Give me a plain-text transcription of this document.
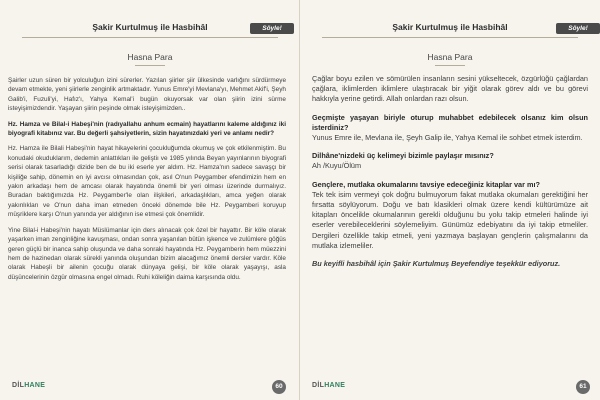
Şakir Kurtulmuş ile Hasbihâl	Söyle!
Hasna Para

Şairler uzun süren bir yolculuğun izini sürerler. Yazılan şiirler şiir ülkesinde varlığını sürdürmeye devam etmekte, yeni şiirlerle zenginlik artmaktadır. Yunus Emre'yi Mevlana'yı, Mehmet Akif'i, Şeyh Galib'i, Fuzuli'yi, Hafız'ı, Yahya Kemal'i bugün okuyorsak var olan şiirin izini sürme isteyişimizdendir. Yaşayan şiirin peşinde olmak isteyişimizden..

Hz. Hamza ve Bilal-i Habeşi'nin (radıyallahu anhum ecmain) hayatlarını kaleme aldığınız iki biyografi kitabınız var. Bu değerli şahsiyetlerin, sizin hayatınızdaki yeri ve anlamı nedir?

Hz. Hamza ile Bilali Habeşi'nin hayat hikayelerini çocukluğumda okumuş ve çok etkilenmiştim. Bu konudaki okuduklarım, dedemin anlattıkları ile geliştiı ve 1985 yılında Beyan yayınlarının biyografi serisi olarak tasarladığı dizide ben de bu iki eserle yer aldım. Hz. Hamza'nın sadece savaşçı bir kişiliğe sahip, dönemin en iyi avcısı olmasından çok, asıl O'nun Peygamber efendimizin hem en yakın arkadaşı hem de amcası olarak hayatında önemli bir yeri olması üzerinde durmalıyız. Buradan baktığımızda Hz. Peygamber'le olan ilişkileri, arkadaşlıkları, amca yeğen olarak yakınlıkları ve O'nun daha iman etmeden önceki dönemde bile Hz. Peygamberi koruyup müşriklere karşı O'nun yanında yer aldığının ise etmesi çok önemlidir.

Yine Bilal-i Habeşi'nin hayatı Müslümanlar için ders alınacak çok özel bir hayattır. Bir köle olarak yaşarken iman zenginliğine kavuşması, ondan sonra yaşanılan bütün işkence ve zulümlere göğüs geren güçlü bir inanca sahip oluşunda ve daha sonraki hayatında Hz. Peygamberin hem müezzini hem de hazinedarı olarak sürekli yanında oluşundan bizim alacağımız önemli dersler vardır. Köle olarak Habeşli bir ailenin çocuğu olarak dünyaya gelişi, bir köle olarak yaşayışı, asla düşüncelerinin özgür olmasına engel olmadı. Ruhi köleliğin daima karşısında oldu.

DİLHANE	60
Şakir Kurtulmuş ile Hasbihâl	Söyle!
Hasna Para

Çağlar boyu ezilen ve sömürülen insanların sesini yükseltecek, özgürlüğü çağlardan çağlara, iklimlerden iklimlere ulaştıracak bir yiğit olarak görev aldı ve bu görevi hakkıyla yerine getirdi. Allah onlardan razı olsun.

Geçmişte yaşayan biriyle oturup muhabbet edebilecek olsanız kim olsun isterdiniz?

Yunus Emre ile, Mevlana ile, Şeyh Galip ile, Yahya Kemal ile sohbet etmek isterdim.

Dilhâne'nizdeki üç kelimeyi bizimle paylaşır mısınız?

Ah /Kuyu/Ölüm

Gençlere, mutlaka okumalarını tavsiye edeceğiniz kitaplar var mı?

Tek tek isim vermeyi çok doğru bulmuyorum fakat mutlaka okumaları gerektiğini her fırsatta söylüyorum. Doğu ve batı klasikleri olmak üzere kendi kültürümüze ait kitapları öncelikle okumalarının gerekli olduğunu bu yolu takip etmeleri halinde iyi eserler verebileceklerini söylemeliyim. Günümüz edebiyatını da iyi takip etmeliler. Dergileri özellikle takip etmeli, yeni yazmaya başlayan gençlerin çalışmalarını da mutlaka izlemeliler.

Bu keyifli hasbihâl için Şakir Kurtulmuş Beyefendiye teşekkür ediyoruz.

DİLHANE	61
